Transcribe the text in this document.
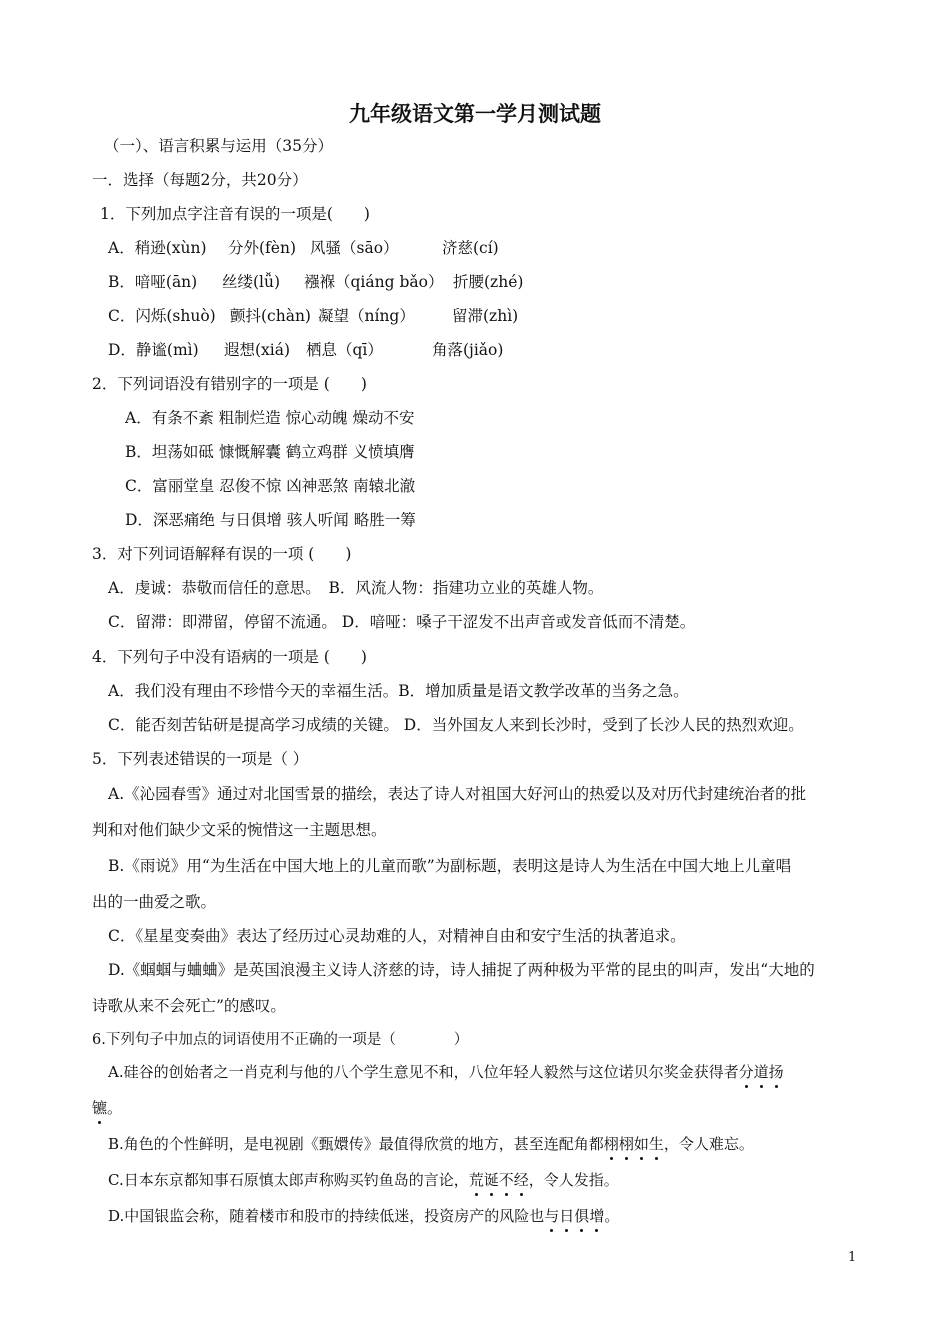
九年级语文第一学月测试题
（一）、语言积累与运用（35分）
一．选择（每题2分，共20分）
1．下列加点字注音有误的一项是(　　)
A．稍逊(xùn) 分外(fèn) 风骚（sāo）	济慈(cí)
B．喑哑(ān) 丝缕(lǚ) 襁褓（qiáng bǎo） 折腰(zhé)
C．闪烁(shuò) 颤抖(chàn) 凝望（níng） 留滞(zhì)
D．静谧(mì) 遐想(xiá) 栖息（qī）	角落(jiǎo)
2．下列词语没有错别字的一项是 (　　)
A．有条不紊 粗制烂造 惊心动魄 燥动不安
B．坦荡如砥 慷慨解囊 鹤立鸡群 义愤填膺
C．富丽堂皇 忍俊不惊 凶神恶煞 南辕北澈
D．深恶痛绝 与日俱增 骇人听闻 略胜一筹
3．对下列词语解释有误的一项 (　　)
A．虔诚：恭敬而信任的意思。　B．风流人物：指建功立业的英雄人物。
C．留滞：即滞留，停留不流通。 D．喑哑：嗓子干涩发不出声音或发音低而不清楚。
4．下列句子中没有语病的一项是 (　　)
A．我们没有理由不珍惜今天的幸福生活。B．增加质量是语文教学改革的当务之急。
C．能否刻苦钻研是提高学习成绩的关键。 D．当外国友人来到长沙时，受到了长沙人民的热烈欢迎。
5．下列表述错误的一项是（ ）
A.《沁园春雪》通过对北国雪景的描绘，表达了诗人对祖国大好河山的热爱以及对历代封建统治者的批
判和对他们缺少文采的惋惜这一主题思想。
B.《雨说》用“为生活在中国大地上的儿童而歌”为副标题，表明这是诗人为生活在中国大地上儿童唱
出的一曲爱之歌。
C．《星星变奏曲》表达了经历过心灵劫难的人，对精神自由和安宁生活的执著追求。
D.《蝈蝈与蛐蛐》是英国浪漫主义诗人济慈的诗，诗人捕捉了两种极为平常的昆虫的叫声，发出“大地的
诗歌从来不会死亡”的感叹。
6.下列句子中加点的词语使用不正确的一项是（　　　　）
A.硅谷的创始者之一肖克利与他的八个学生意见不和，八位年轻人毅然与这位诺贝尔奖金获得者分道扬
镳。
B.角色的个性鲜明，是电视剧《甄嬛传》最值得欣赏的地方，甚至连配角都栩栩如生，令人难忘。
C.日本东京都知事石原慎太郎声称购买钓鱼岛的言论，荒诞不经，令人发指。
D.中国银监会称，随着楼市和股市的持续低迷，投资房产的风险也与日俱增。
1
